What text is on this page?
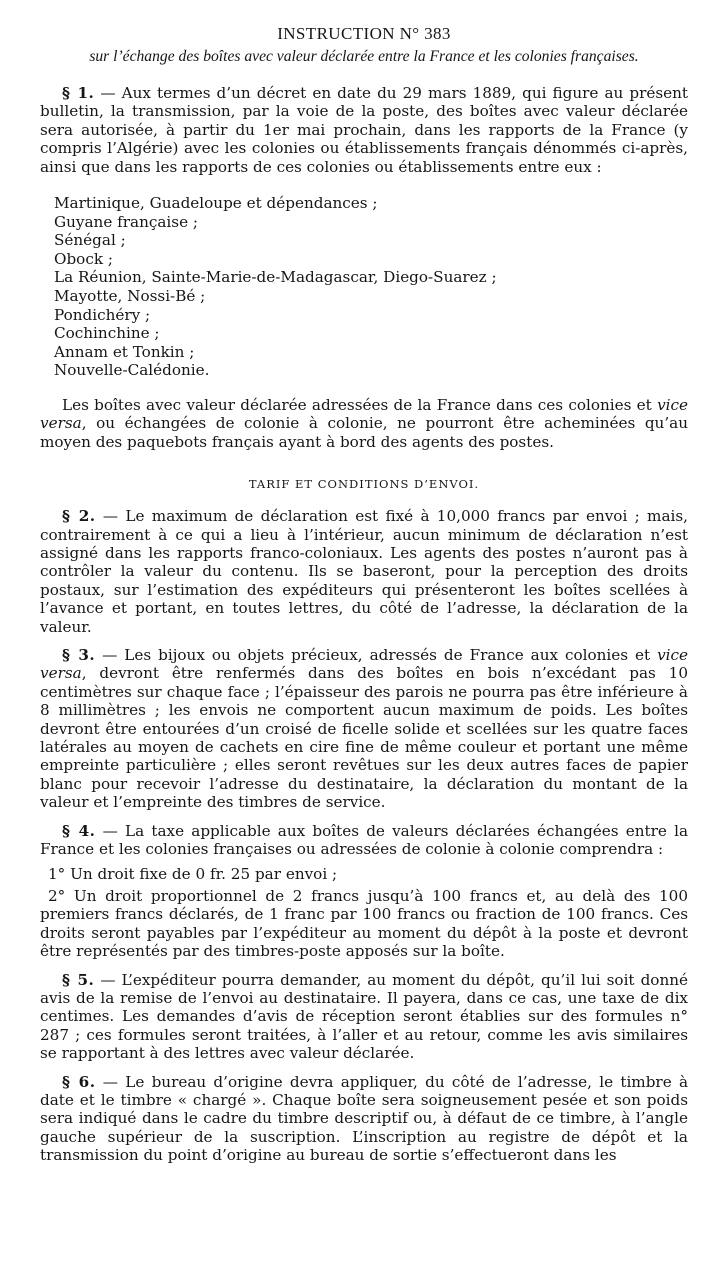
INSTRUCTION N° 383
sur l’échange des boîtes avec valeur déclarée entre la France et les colonies françaises.

§ 1. — Aux termes d’un décret en date du 29 mars 1889, qui figure au présent bulletin, la transmission, par la voie de la poste, des boîtes avec valeur déclarée sera autorisée, à partir du 1er mai prochain, dans les rapports de la France (y compris l’Algérie) avec les colonies ou établissements français dénommés ci-après, ainsi que dans les rapports de ces colonies ou établissements entre eux :

Martinique, Guadeloupe et dépendances ;
Guyane française ;
Sénégal ;
Obock ;
La Réunion, Sainte-Marie-de-Madagascar, Diego-Suarez ;
Mayotte, Nossi-Bé ;
Pondichéry ;
Cochinchine ;
Annam et Tonkin ;
Nouvelle-Calédonie.

Les boîtes avec valeur déclarée adressées de la France dans ces colonies et vice versa, ou échangées de colonie à colonie, ne pourront être acheminées qu’au moyen des paquebots français ayant à bord des agents des postes.

TARIF ET CONDITIONS D’ENVOI.

§ 2. — Le maximum de déclaration est fixé à 10,000 francs par envoi ; mais, contrairement à ce qui a lieu à l’intérieur, aucun minimum de déclaration n’est assigné dans les rapports franco-coloniaux. Les agents des postes n’auront pas à contrôler la valeur du contenu. Ils se baseront, pour la perception des droits postaux, sur l’estimation des expéditeurs qui présenteront les boîtes scellées à l’avance et portant, en toutes lettres, du côté de l’adresse, la déclaration de la valeur.

§ 3. — Les bijoux ou objets précieux, adressés de France aux colonies et vice versa, devront être renfermés dans des boîtes en bois n’excédant pas 10 centimètres sur chaque face ; l’épaisseur des parois ne pourra pas être inférieure à 8 millimètres ; les envois ne comportent aucun maximum de poids. Les boîtes devront être entourées d’un croisé de ficelle solide et scellées sur les quatre faces latérales au moyen de cachets en cire fine de même couleur et portant une même empreinte particulière ; elles seront revêtues sur les deux autres faces de papier blanc pour recevoir l’adresse du destinataire, la déclaration du montant de la valeur et l’empreinte des timbres de service.

§ 4. — La taxe applicable aux boîtes de valeurs déclarées échangées entre la France et les colonies françaises ou adressées de colonie à colonie comprendra :

1° Un droit fixe de 0 fr. 25 par envoi ;

2° Un droit proportionnel de 2 francs jusqu’à 100 francs et, au delà des 100 premiers francs déclarés, de 1 franc par 100 francs ou fraction de 100 francs. Ces droits seront payables par l’expéditeur au moment du dépôt à la poste et devront être représentés par des timbres-poste apposés sur la boîte.

§ 5. — L’expéditeur pourra demander, au moment du dépôt, qu’il lui soit donné avis de la remise de l’envoi au destinataire. Il payera, dans ce cas, une taxe de dix centimes. Les demandes d’avis de réception seront établies sur des formules n° 287 ; ces formules seront traitées, à l’aller et au retour, comme les avis similaires se rapportant à des lettres avec valeur déclarée.

§ 6. — Le bureau d’origine devra appliquer, du côté de l’adresse, le timbre à date et le timbre « chargé ». Chaque boîte sera soigneusement pesée et son poids sera indiqué dans le cadre du timbre descriptif ou, à défaut de ce timbre, à l’angle gauche supérieur de la suscription. L’inscription au registre de dépôt et la transmission du point d’origine au bureau de sortie s’effectueront dans les
